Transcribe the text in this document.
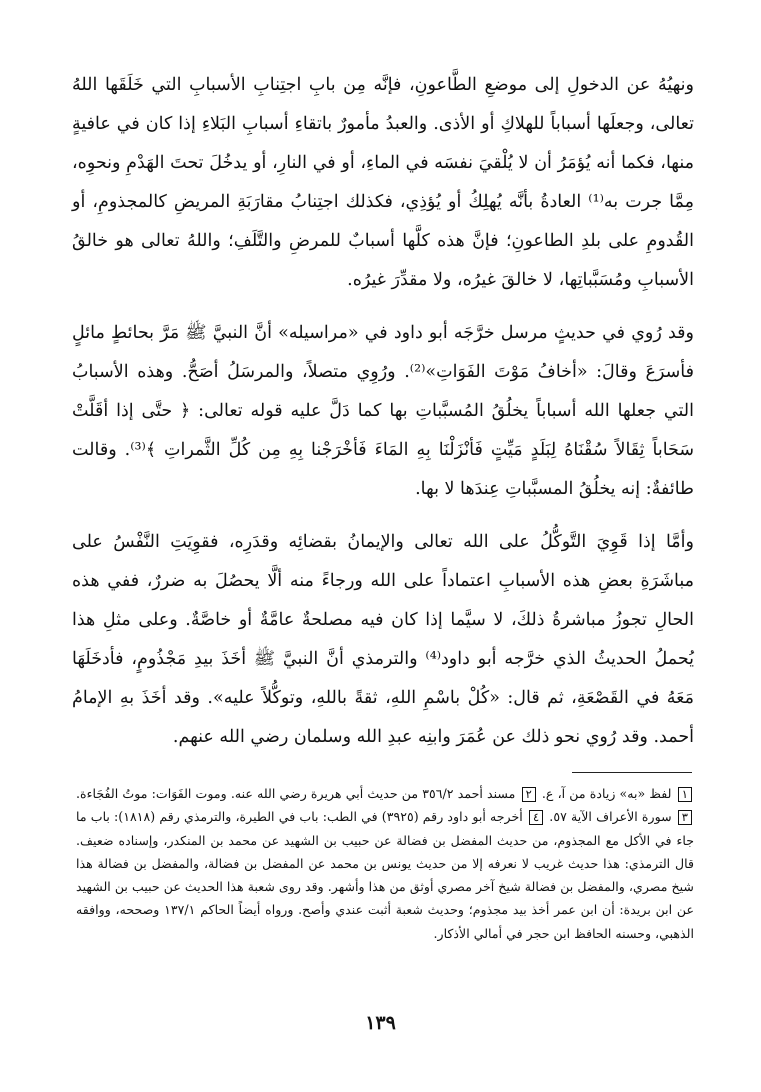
ونهيُهُ عن الدخولِ إلى موضعِ الطَّاعونِ، فإنَّه مِن بابِ اجتِنابِ الأسبابِ التي خَلَقَها اللهُ تعالى، وجعلَها أسباباً للهلاكِ أو الأذى. والعبدُ مأمورٌ باتقاءِ أسبابِ البَلاءِ إذا كان في عافيةٍ منها، فكما أنه يُؤمَرُ أن لا يُلْقيَ نفسَه في الماءِ، أو في النارِ، أو يدخُلَ تحتَ الهَدْمِ ونحوِه، مِمَّا جرت به⁽¹⁾ العادةُ بأنَّه يُهلِكُ أو يُؤذِي، فكذلك اجتِنابُ مقارَبَةِ المريضِ كالمجذومِ، أو القُدومِ على بلدِ الطاعونِ؛ فإنَّ هذه كلَّها أسبابٌ للمرضِ والتَّلَفِ؛ واللهُ تعالى هو خالقُ الأسبابِ ومُسَبَّباتِها، لا خالقَ غيرُه، ولا مقدِّرَ غيرُه.

وقد رُوي في حديثٍ مرسل خرَّجَه أبو داود في «مراسيله» أنَّ النبيَّ ﷺ مَرَّ بحائطٍ مائلٍ فأسرَعَ وقالَ: «أخافُ مَوْتَ الفَوَاتِ»⁽²⁾. ورُوِي متصلاً، والمرسَلُ أصَحُّ. وهذه الأسبابُ التي جعلها الله أسباباً يخلُقُ المُسبَّباتِ بها كما دَلَّ عليه قوله تعالى: ﴿ حتَّى إذا أقَلَّتْ سَحَاباً ثِقَالاً سُقْنَاهُ لِبَلَدٍ مَيِّتٍ فَأنْزَلْنَا بِهِ المَاءَ فَأخْرَجْنا بِهِ مِن كُلِّ الثَّمراتِ ﴾⁽³⁾. وقالت طائفةٌ: إنه يخلُقُ المسبَّباتِ عِندَها لا بها.

وأمَّا إذا قَوِيَ التَّوكُّلُ على الله تعالى والإيمانُ بقضائِه وقدَرِه، فقوِيَتِ النَّفْسُ على مباشَرَةِ بعضِ هذه الأسبابِ اعتماداً على الله ورجاءً منه ألَّا يحصُلَ به ضررٌ، ففي هذه الحالِ تجوزُ مباشرةُ ذلكَ، لا سيَّما إذا كان فيه مصلحةٌ عامَّةٌ أو خاصَّةٌ. وعلى مثلِ هذا يُحملُ الحديثُ الذي خرَّجه أبو داود⁽⁴⁾ والترمذي أنَّ النبيَّ ﷺ أخَذَ بيدِ مَجْذُومٍ، فأدخَلَهَا مَعَهُ في القَصْعَةِ، ثم قال: «كُلْ باسْمِ اللهِ، ثقةً باللهِ، وتوكُّلاً عليه». وقد أخَذَ بهِ الإمامُ أحمد. وقد رُوي نحو ذلك عن عُمَرَ وابنِه عبدِ الله وسلمان رضي الله عنهم.

١ لفظ «به» زيادة من آ، ع. ٢ مسند أحمد ٣٥٦/٢ من حديث أبي هريرة رضي الله عنه. وموت الفَوَات: موتُ الفُجَاءة. ٣ سورة الأعراف الآية ٥٧. ٤ أخرجه أبو داود رقم (٣٩٢٥) في الطب: باب في الطيرة، والترمذي رقم (١٨١٨): باب ما جاء في الأكل مع المجذوم، من حديث المفضل بن فضالة عن حبيب بن الشهيد عن محمد بن المنكدر، وإسناده ضعيف. قال الترمذي: هذا حديث غريب لا نعرفه إلا من حديث يونس بن محمد عن المفضل بن فضالة، والمفضل بن فضالة هذا شيخ مصري، والمفضل بن فضالة شيخ آخر مصري أوثق من هذا وأشهر. وقد روى شعبة هذا الحديث عن حبيب بن الشهيد عن ابن بريدة: أن ابن عمر أخذ بيد مجذوم؛ وحديث شعبة أثبت عندي وأصح. ورواه أيضاً الحاكم ١٣٧/١ وصححه، ووافقه الذهبي، وحسنه الحافظ ابن حجر في أمالي الأذكار.
١٣٩
